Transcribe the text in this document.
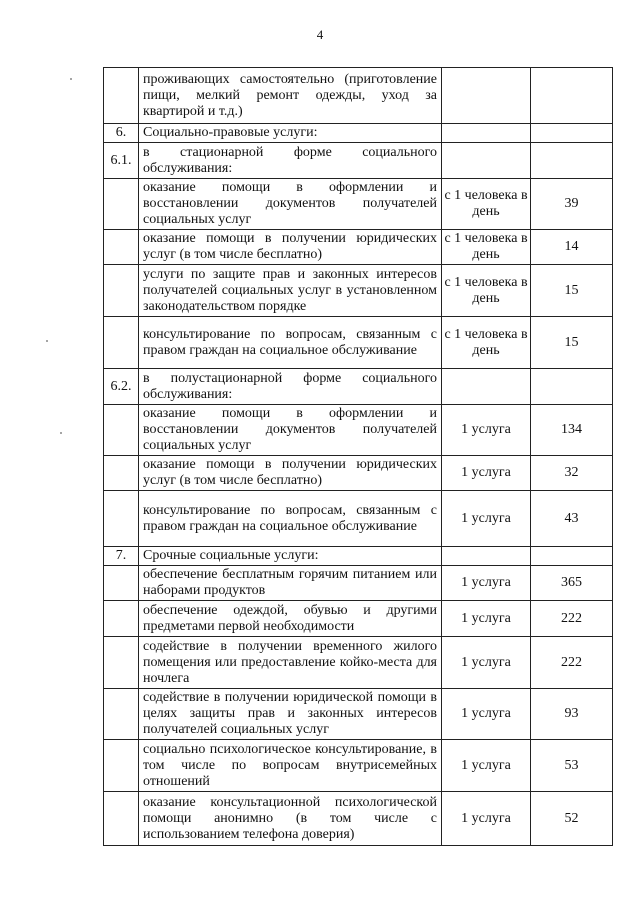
4
	проживающих самостоятельно (приготовление пищи, мелкий ремонт одежды, уход за квартирой и т.д.)		
6.	Социально-правовые услуги:		
6.1.	в стационарной форме социального обслуживания:		
	оказание помощи в оформлении и восстановлении документов получателей социальных услуг	с 1 человека в день	39
	оказание помощи в получении юридических услуг (в том числе бесплатно)	с 1 человека в день	14
	услуги по защите прав и законных интересов получателей социальных услуг в установленном законодательством порядке	с 1 человека в день	15
	консультирование по вопросам, связанным с правом граждан на социальное обслуживание	с 1 человека в день	15
6.2.	в полустационарной форме социального обслуживания:		
	оказание помощи в оформлении и восстановлении документов получателей социальных услуг	1 услуга	134
	оказание помощи в получении юридических услуг (в том числе бесплатно)	1 услуга	32
	консультирование по вопросам, связанным с правом граждан на социальное обслуживание	1 услуга	43
7.	Срочные социальные услуги:		
	обеспечение бесплатным горячим питанием или наборами продуктов	1 услуга	365
	обеспечение одеждой, обувью и другими предметами первой необходимости	1 услуга	222
	содействие в получении временного жилого помещения или предоставление койко-места для ночлега	1 услуга	222
	содействие в получении юридической помощи в целях защиты прав и законных интересов получателей социальных услуг	1 услуга	93
	социально психологическое консультирование, в том числе по вопросам внутрисемейных отношений	1 услуга	53
	оказание консультационной психологической помощи анонимно (в том числе с использованием телефона доверия)	1 услуга	52
